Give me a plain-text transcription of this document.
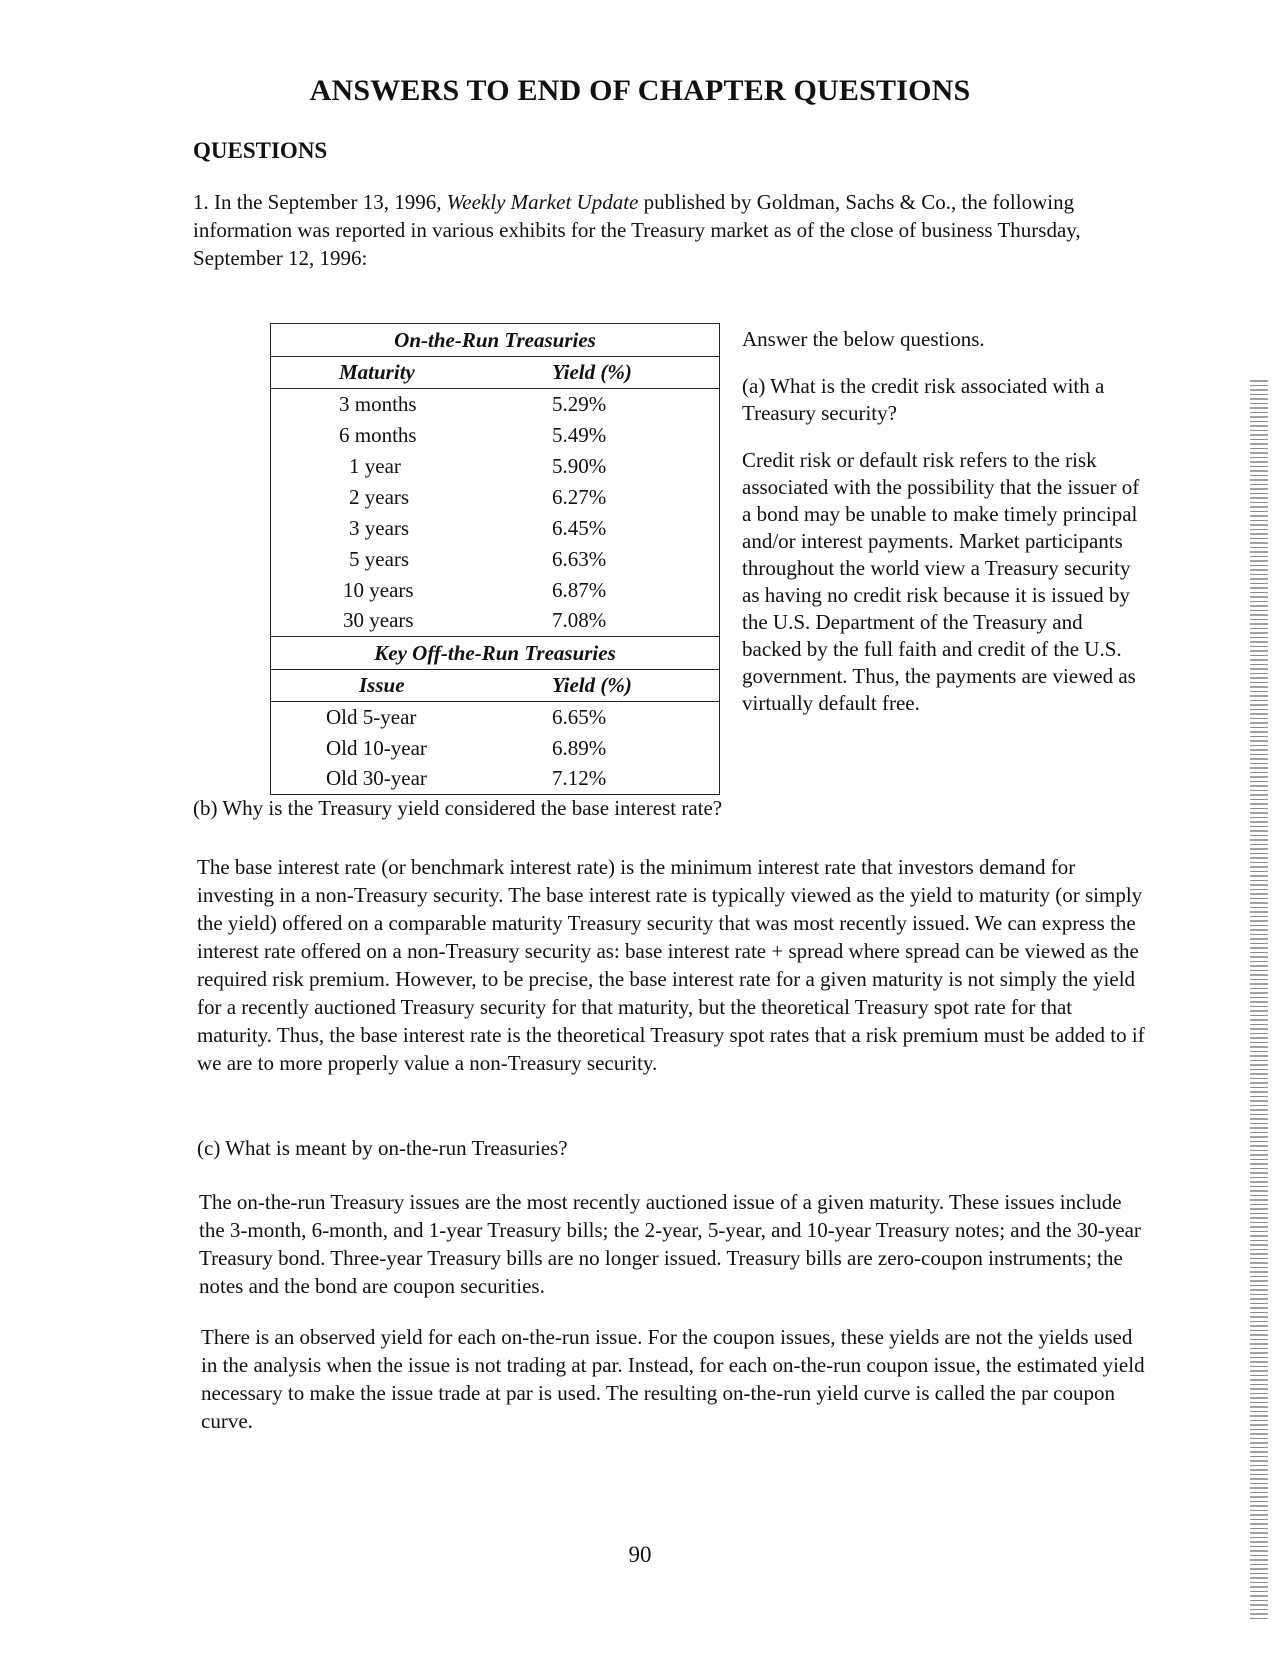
ANSWERS TO END OF CHAPTER QUESTIONS
QUESTIONS
1. In the September 13, 1996, Weekly Market Update published by Goldman, Sachs & Co., the following information was reported in various exhibits for the Treasury market as of the close of business Thursday, September 12, 1996:
On-the-Run Treasuries	
Maturity	Yield (%)
3 months	5.29%
6 months	5.49%
1 year	5.90%
2 years	6.27%
3 years	6.45%
5 years	6.63%
10 years	6.87%
30 years	7.08%
Key Off-the-Run Treasuries	
Issue	Yield (%)
Old 5-year	6.65%
Old 10-year	6.89%
Old 30-year	7.12%

Answer the below questions.

(a) What is the credit risk associated with a Treasury security?

Credit risk or default risk refers to the risk associated with the possibility that the issuer of a bond may be unable to make timely principal and/or interest payments. Market participants throughout the world view a Treasury security as having no credit risk because it is issued by the U.S. Department of the Treasury and backed by the full faith and credit of the U.S. government. Thus, the payments are viewed as virtually default free.

(b) Why is the Treasury yield considered the base interest rate?
The base interest rate (or benchmark interest rate) is the minimum interest rate that investors demand for investing in a non-Treasury security. The base interest rate is typically viewed as the yield to maturity (or simply the yield) offered on a comparable maturity Treasury security that was most recently issued. We can express the interest rate offered on a non-Treasury security as: base interest rate + spread where spread can be viewed as the required risk premium. However, to be precise, the base interest rate for a given maturity is not simply the yield for a recently auctioned Treasury security for that maturity, but the theoretical Treasury spot rate for that maturity. Thus, the base interest rate is the theoretical Treasury spot rates that a risk premium must be added to if we are to more properly value a non-Treasury security.
(c) What is meant by on-the-run Treasuries?
The on-the-run Treasury issues are the most recently auctioned issue of a given maturity. These issues include the 3-month, 6-month, and 1-year Treasury bills; the 2-year, 5-year, and 10-year Treasury notes; and the 30-year Treasury bond. Three-year Treasury bills are no longer issued. Treasury bills are zero-coupon instruments; the notes and the bond are coupon securities.
There is an observed yield for each on-the-run issue. For the coupon issues, these yields are not the yields used in the analysis when the issue is not trading at par. Instead, for each on-the-run coupon issue, the estimated yield necessary to make the issue trade at par is used. The resulting on-the-run yield curve is called the par coupon curve.
90
